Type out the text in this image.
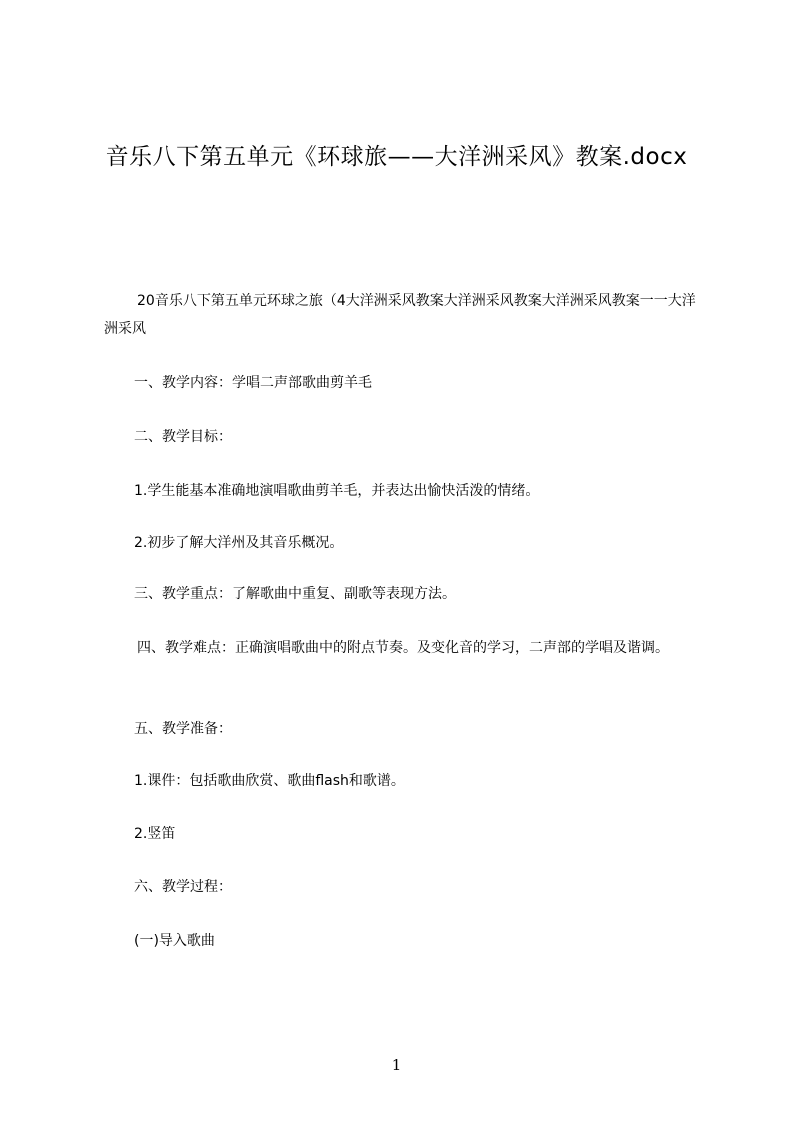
音乐八下第五单元《环球旅——大洋洲采风》教案.docx

20音乐八下第五单元环球之旅（4大洋洲采风教案大洋洲采风教案大洋洲采风教案一一大洋洲采风

一、教学内容：学唱二声部歌曲剪羊毛

二、教学目标：

1.学生能基本准确地演唱歌曲剪羊毛，并表达出愉快活泼的情绪。

2.初步了解大洋州及其音乐概况。

三、教学重点：了解歌曲中重复、副歌等表现方法。

四、教学难点：正确演唱歌曲中的附点节奏。及变化音的学习，二声部的学唱及谐调。

五、教学准备：

1.课件：包括歌曲欣赏、歌曲flash和歌谱。

2.竖笛

六、教学过程：

(一)导入歌曲

1
